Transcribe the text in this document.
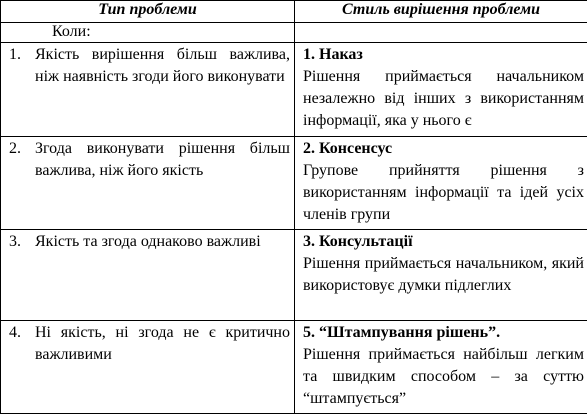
Тип проблеми	Стиль вирішення проблеми
Коли:	

1. Якість вирішення більш важлива, ніж наявність згоди його виконувати	1. Наказ
Рішення приймається начальником незалежно від інших з використанням інформації, яка у нього є

2. Згода виконувати рішення більш важлива, ніж його якість	2. Консенсус
Групове прийняття рішення з використанням інформації та ідей усіх членів групи

3. Якість та згода однаково важливі	3. Консультації
Рішення приймається начальником, який використовує думки підлеглих

4. Ні якість, ні згода не є критично важливими	5. “Штампування рішень”.
Рішення приймається найбільш легким та швидким способом – за суттю “штампується”
